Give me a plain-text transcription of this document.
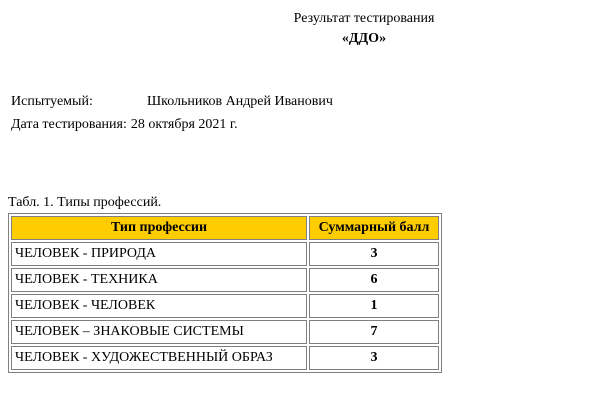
Результат тестирования
«ДДО»
Испытуемый:	Школьников Андрей Иванович
Дата тестирования: 28 октября 2021 г.
Табл. 1. Типы профессий.
Тип профессии	Суммарный балл
ЧЕЛОВЕК - ПРИРОДА	3
ЧЕЛОВЕК - ТЕХНИКА	6
ЧЕЛОВЕК - ЧЕЛОВЕК	1
ЧЕЛОВЕК – ЗНАКОВЫЕ СИСТЕМЫ	7
ЧЕЛОВЕК - ХУДОЖЕСТВЕННЫЙ ОБРАЗ	3
